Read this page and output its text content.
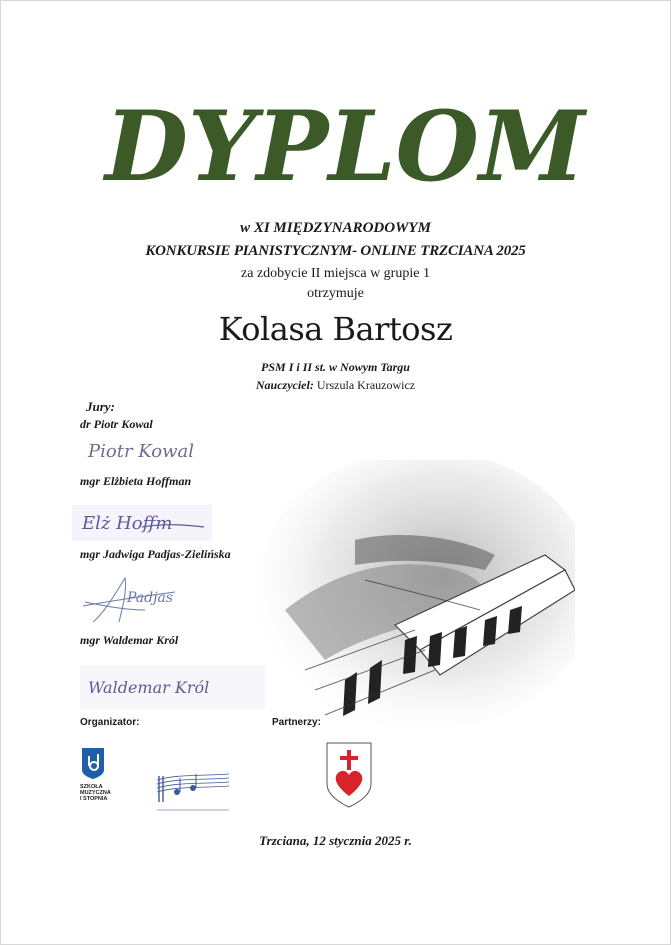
DYPLOM
w XI MIĘDZYNARODOWYM
KONKURSIE PIANISTYCZNYM- ONLINE TRZCIANA 2025
za zdobycie II miejsca w grupie 1
otrzymuje
Kolasa Bartosz
PSM I i II st. w Nowym Targu
Nauczyciel: Urszula Krauzowicz
Jury:
dr Piotr Kowal
Piotr Kowal
mgr Elżbieta Hoffman
Elż Hoffm
mgr Jadwiga Padjas-Zielińska
Padjas
mgr Waldemar Król
Waldemar Król
Organizator:	Partnerzy:
SZKOŁA
MUZYCZNA
I STOPNIA
Trzciana, 12 stycznia 2025 r.
